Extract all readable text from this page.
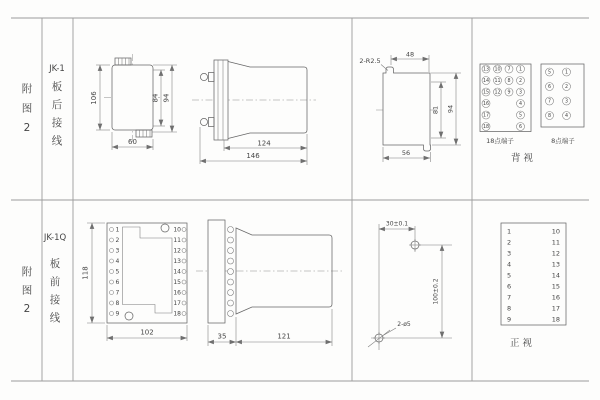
附
图
2
JK-1
板
后
接
线
106	84 94
60	124
146
2-R2.5
48
81 94
56
13
14
15
16
17
18
10
11
12
7
8
9
1
2
3
4
5
6
18点端子
5
6
7
8
1
2
3
4
8点端子
背 视
附
图
2
JK-1Q
板
前
接
线
1
2
3
4
5
6
7
8
9
10
11
12
13
14
15
16
17
18
118
102	35	121
30±0.1
100±0.2
2-ø5
1	10
2	11
3	12
4	13
5	14
6	15
7	16
8	17
9	18
正 视
